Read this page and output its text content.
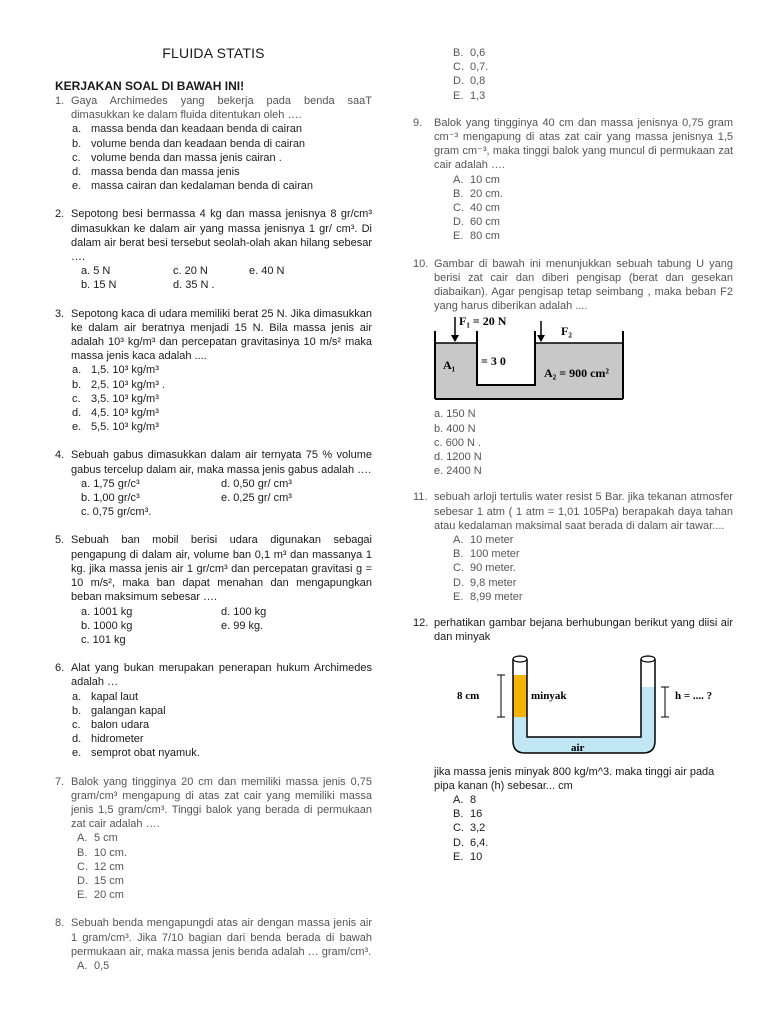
FLUIDA STATIS
KERJAKAN SOAL DI BAWAH INI!
1. Gaya Archimedes yang bekerja pada benda saaT dimasukkan ke dalam fluida ditentukan oleh ….
a. massa benda dan keadaan benda di cairan
b. volume benda dan keadaan benda di cairan
c. volume benda dan massa jenis cairan .
d. massa benda dan massa jenis
e. massa cairan dan kedalaman benda di cairan
2. Sepotong besi bermassa 4 kg dan massa jenisnya 8 gr/cm³ dimasukkan ke dalam air yang massa jenisnya 1 gr/ cm³. Di dalam air berat besi tersebut seolah-olah akan hilang sebesar ….
a. 5 N	c. 20 N	e. 40 N
b. 15 N	d. 35 N .
3. Sepotong kaca di udara memiliki berat 25 N. Jika dimasukkan ke dalam air beratnya menjadi 15 N. Bila massa jenis air adalah 10³ kg/m³ dan percepatan gravitasinya 10 m/s² maka massa jenis kaca adalah ....
a. 1,5. 10³ kg/m³
b. 2,5. 10³ kg/m³ .
c. 3,5. 10³ kg/m³
d. 4,5. 10³ kg/m³
e. 5,5. 10³ kg/m³
4. Sebuah gabus dimasukkan dalam air ternyata 75 % volume gabus tercelup dalam air, maka massa jenis gabus adalah ….
a. 1,75 gr/c³	d. 0,50 gr/ cm³
b. 1,00 gr/c³	e. 0,25 gr/ cm³
c. 0,75 gr/cm³.
5. Sebuah ban mobil berisi udara digunakan sebagai pengapung di dalam air, volume ban 0,1 m³ dan massanya 1 kg. jika massa jenis air 1 gr/cm³ dan percepatan gravitasi g = 10 m/s², maka ban dapat menahan dan mengapungkan beban maksimum sebesar ….
a. 1001 kg	d. 100 kg
b. 1000 kg	e. 99 kg.
c. 101 kg
6. Alat yang bukan merupakan penerapan hukum Archimedes adalah …
a. kapal laut
b. galangan kapal
c. balon udara
d. hidrometer
e. semprot obat nyamuk.
7. Balok yang tingginya 20 cm dan memiliki massa jenis 0,75 gram/cm³ mengapung di atas zat cair yang memiliki massa jenis 1,5 gram/cm³. Tinggi balok yang berada di permukaan zat cair adalah ….
A. 5 cm
B. 10 cm.
C. 12 cm
D. 15 cm
E. 20 cm
8. Sebuah benda mengapungdi atas air dengan massa jenis air 1 gram/cm³. Jika 7/10 bagian dari benda berada di bawah permukaan air, maka massa jenis benda adalah … gram/cm³.
A. 0,5
B. 0,6
C. 0,7.
D. 0,8
E. 1,3
9. Balok yang tingginya 40 cm dan massa jenisnya 0,75 gram cm⁻³ mengapung di atas zat cair yang massa jenisnya 1,5 gram cm⁻³, maka tinggi balok yang muncul di permukaan zat cair adalah ….
A. 10 cm
B. 20 cm.
C. 40 cm
D. 60 cm
E. 80 cm
10. Gambar di bawah ini menunjukkan sebuah tabung U yang berisi zat cair dan diberi pengisap (berat dan gesekan diabaikan). Agar pengisap tetap seimbang , maka beban F2 yang harus diberikan adalah ....
F₁ = 20 N
F₂
A₁ = 3 0
A₂ = 900 cm²
a. 150 N
b. 400 N
c. 600 N .
d. 1200 N
e. 2400 N
11. sebuah arloji tertulis water resist 5 Bar. jika tekanan atmosfer sebesar 1 atm ( 1 atm = 1,01 105Pa) berapakah daya tahan atau kedalaman maksimal saat berada di dalam air tawar....
A. 10 meter
B. 100 meter
C. 90 meter.
D. 9,8 meter
E. 8,99 meter
12. perhatikan gambar bejana berhubungan berikut yang diisi air dan minyak
8 cm	minyak
air
h = .... ?
jika massa jenis minyak 800 kg/m^3. maka tinggi air pada pipa kanan (h) sebesar... cm
A. 8
B. 16
C. 3,2
D. 6,4.
E. 10
